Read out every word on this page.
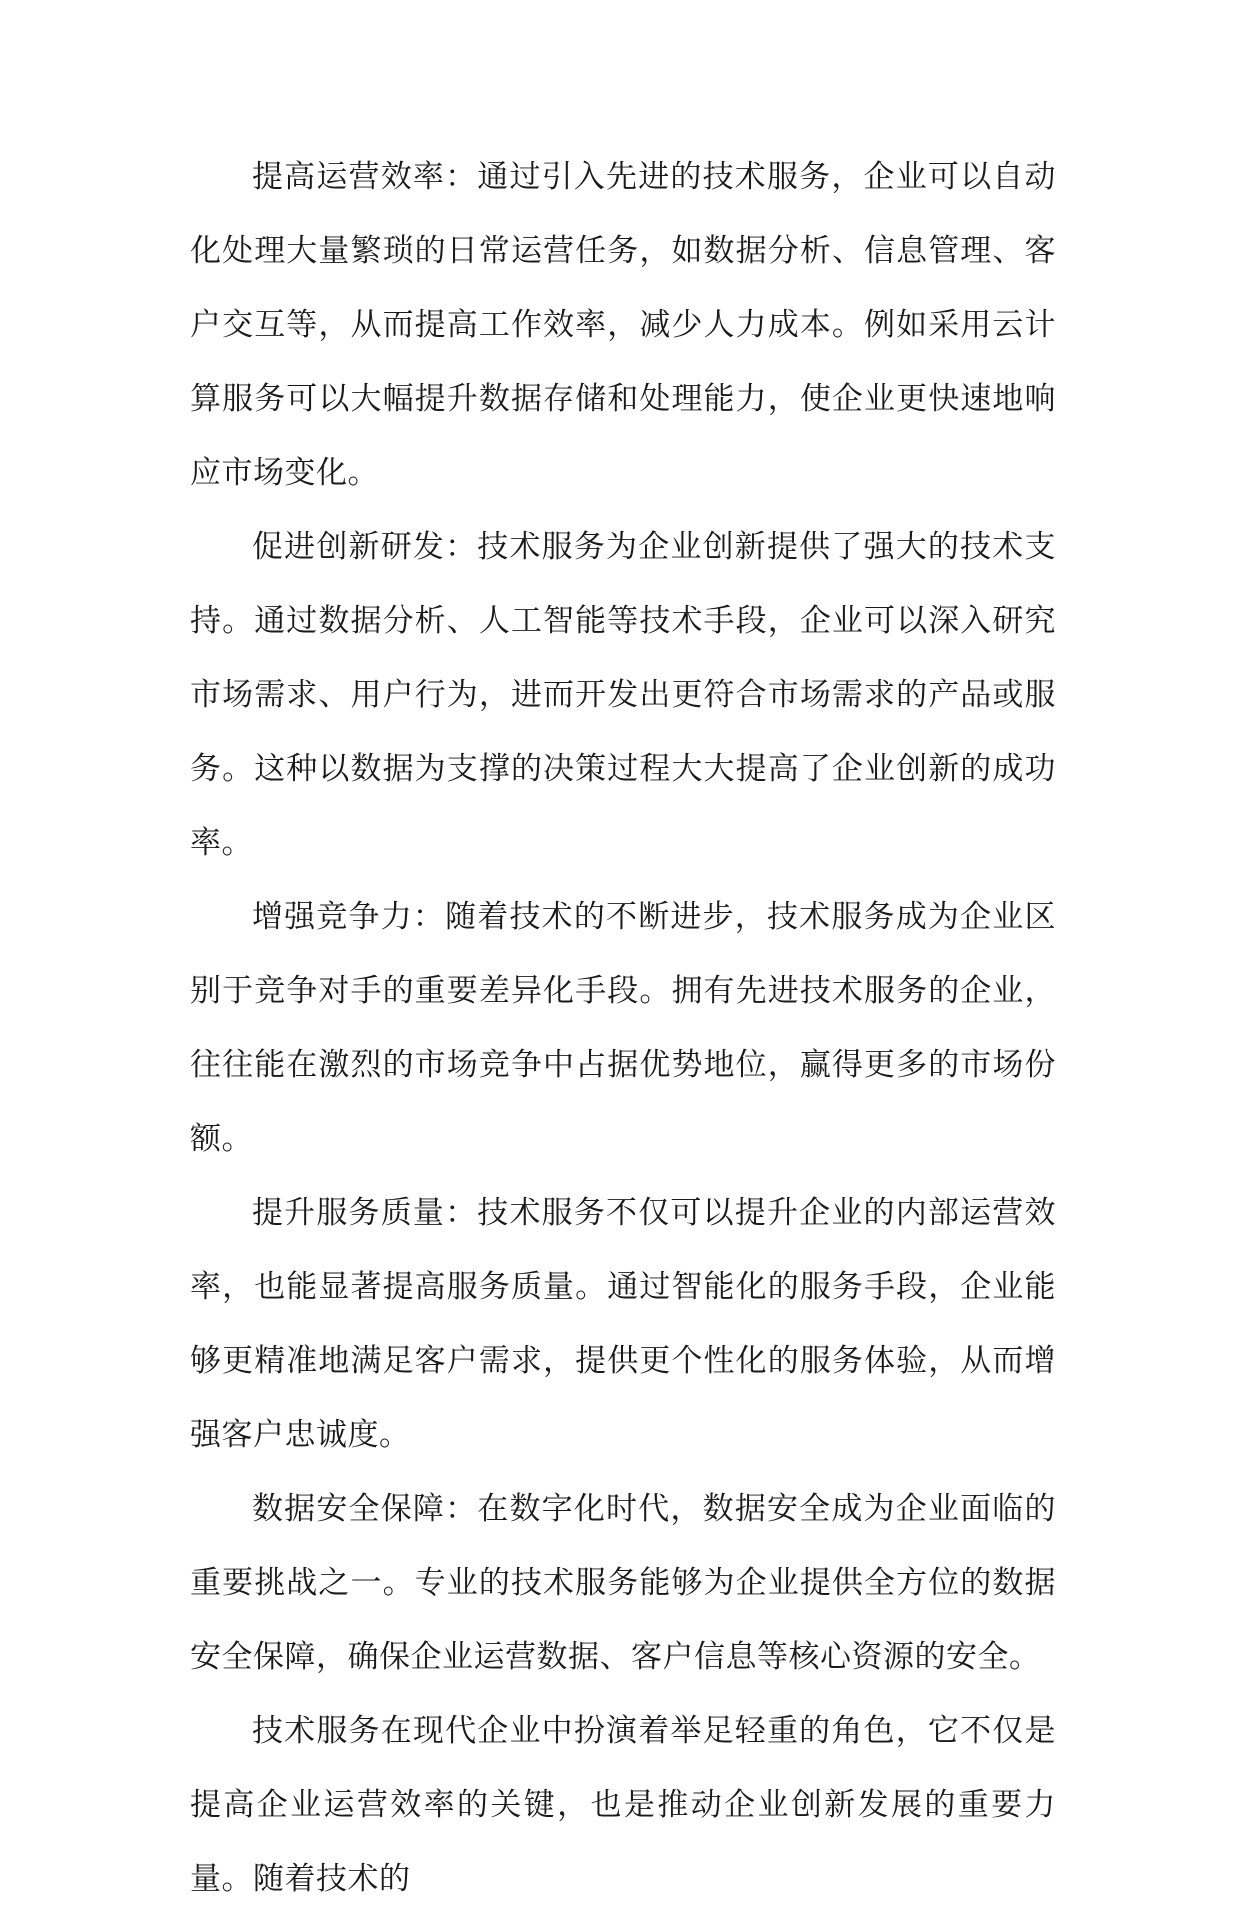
提高运营效率：通过引入先进的技术服务，企业可以自动化处理大量繁琐的日常运营任务，如数据分析、信息管理、客户交互等，从而提高工作效率，减少人力成本。例如采用云计算服务可以大幅提升数据存储和处理能力，使企业更快速地响应市场变化。

促进创新研发：技术服务为企业创新提供了强大的技术支持。通过数据分析、人工智能等技术手段，企业可以深入研究市场需求、用户行为，进而开发出更符合市场需求的产品或服务。这种以数据为支撑的决策过程大大提高了企业创新的成功率。

增强竞争力：随着技术的不断进步，技术服务成为企业区别于竞争对手的重要差异化手段。拥有先进技术服务的企业，往往能在激烈的市场竞争中占据优势地位，赢得更多的市场份额。

提升服务质量：技术服务不仅可以提升企业的内部运营效率，也能显著提高服务质量。通过智能化的服务手段，企业能够更精准地满足客户需求，提供更个性化的服务体验，从而增强客户忠诚度。

数据安全保障：在数字化时代，数据安全成为企业面临的重要挑战之一。专业的技术服务能够为企业提供全方位的数据安全保障，确保企业运营数据、客户信息等核心资源的安全。

技术服务在现代企业中扮演着举足轻重的角色，它不仅是提高企业运营效率的关键，也是推动企业创新发展的重要力量。随着技术的
